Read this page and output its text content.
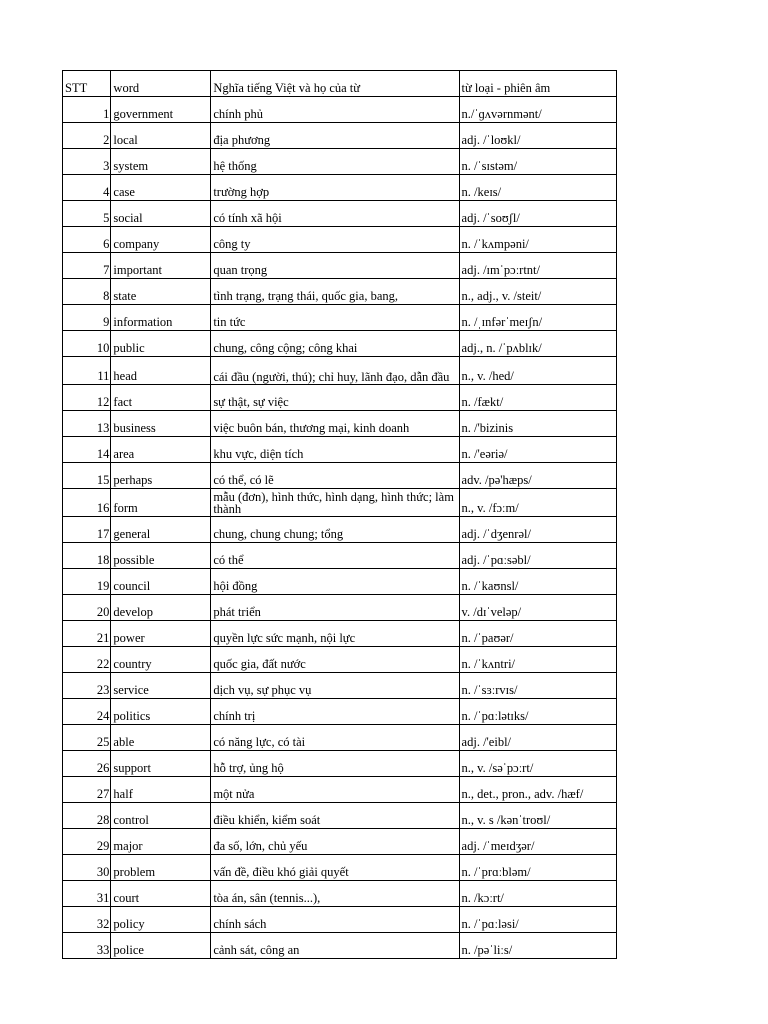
STT	word	Nghĩa tiếng Việt và họ của từ	từ loại - phiên âm
1	government	chính phủ	n./ˈɡʌvərnmənt/
2	local	địa phương	adj. /ˈloʊkl/
3	system	hệ thống	n. /ˈsɪstəm/
4	case	trường hợp	n. /keɪs/
5	social	có tính xã hội	adj. /ˈsoʊʃl/
6	company	công ty	n. /ˈkʌmpəni/
7	important	quan trọng	adj. /ɪmˈpɔːrtnt/
8	state	tình trạng, trạng thái, quốc gia, bang,	n., adj., v. /steit/
9	information	tin tức	n. /ˌɪnfərˈmeɪʃn/
10	public	chung, công cộng; công khai	adj., n. /ˈpʌblɪk/
11	head	cái đầu (người, thú); chỉ huy, lãnh đạo, dẫn đầu	n., v. /hed/
12	fact	sự thật, sự việc	n. /fækt/
13	business	việc buôn bán, thương mại, kinh doanh	n. /'bizinis
14	area	khu vực, diện tích	n. /'eəriə/
15	perhaps	có thể, có lẽ	adv. /pə'hæps/
16	form	mẫu (đơn), hình thức, hình dạng, hình thức; làm thành	n., v. /fɔːm/
17	general	chung, chung chung; tổng	adj. /ˈdʒenrəl/
18	possible	có thể	adj. /ˈpɑːsəbl/
19	council	hội đồng	n. /ˈkaʊnsl/
20	develop	phát triển	v. /dɪˈveləp/
21	power	quyền lực sức mạnh, nội lực	n. /ˈpaʊər/
22	country	quốc gia, đất nước	n. /ˈkʌntri/
23	service	dịch vụ, sự phục vụ	n. /ˈsɜːrvɪs/
24	politics	chính trị	n. /ˈpɑːlətɪks/
25	able	có năng lực, có tài	adj. /'eibl/
26	support	hỗ trợ, ủng hộ	n., v. /səˈpɔːrt/
27	half	một nửa	n., det., pron., adv. /hæf/
28	control	điều khiển, kiểm soát	n., v. s /kənˈtroʊl/
29	major	đa số, lớn, chủ yếu	adj. /ˈmeɪdʒər/
30	problem	vấn đề, điều khó giải quyết	n. /ˈprɑːbləm/
31	court	tòa án, sân (tennis...),	n. /kɔːrt/
32	policy	chính sách	n. /ˈpɑːləsi/
33	police	cảnh sát, công an	n. /pəˈliːs/
